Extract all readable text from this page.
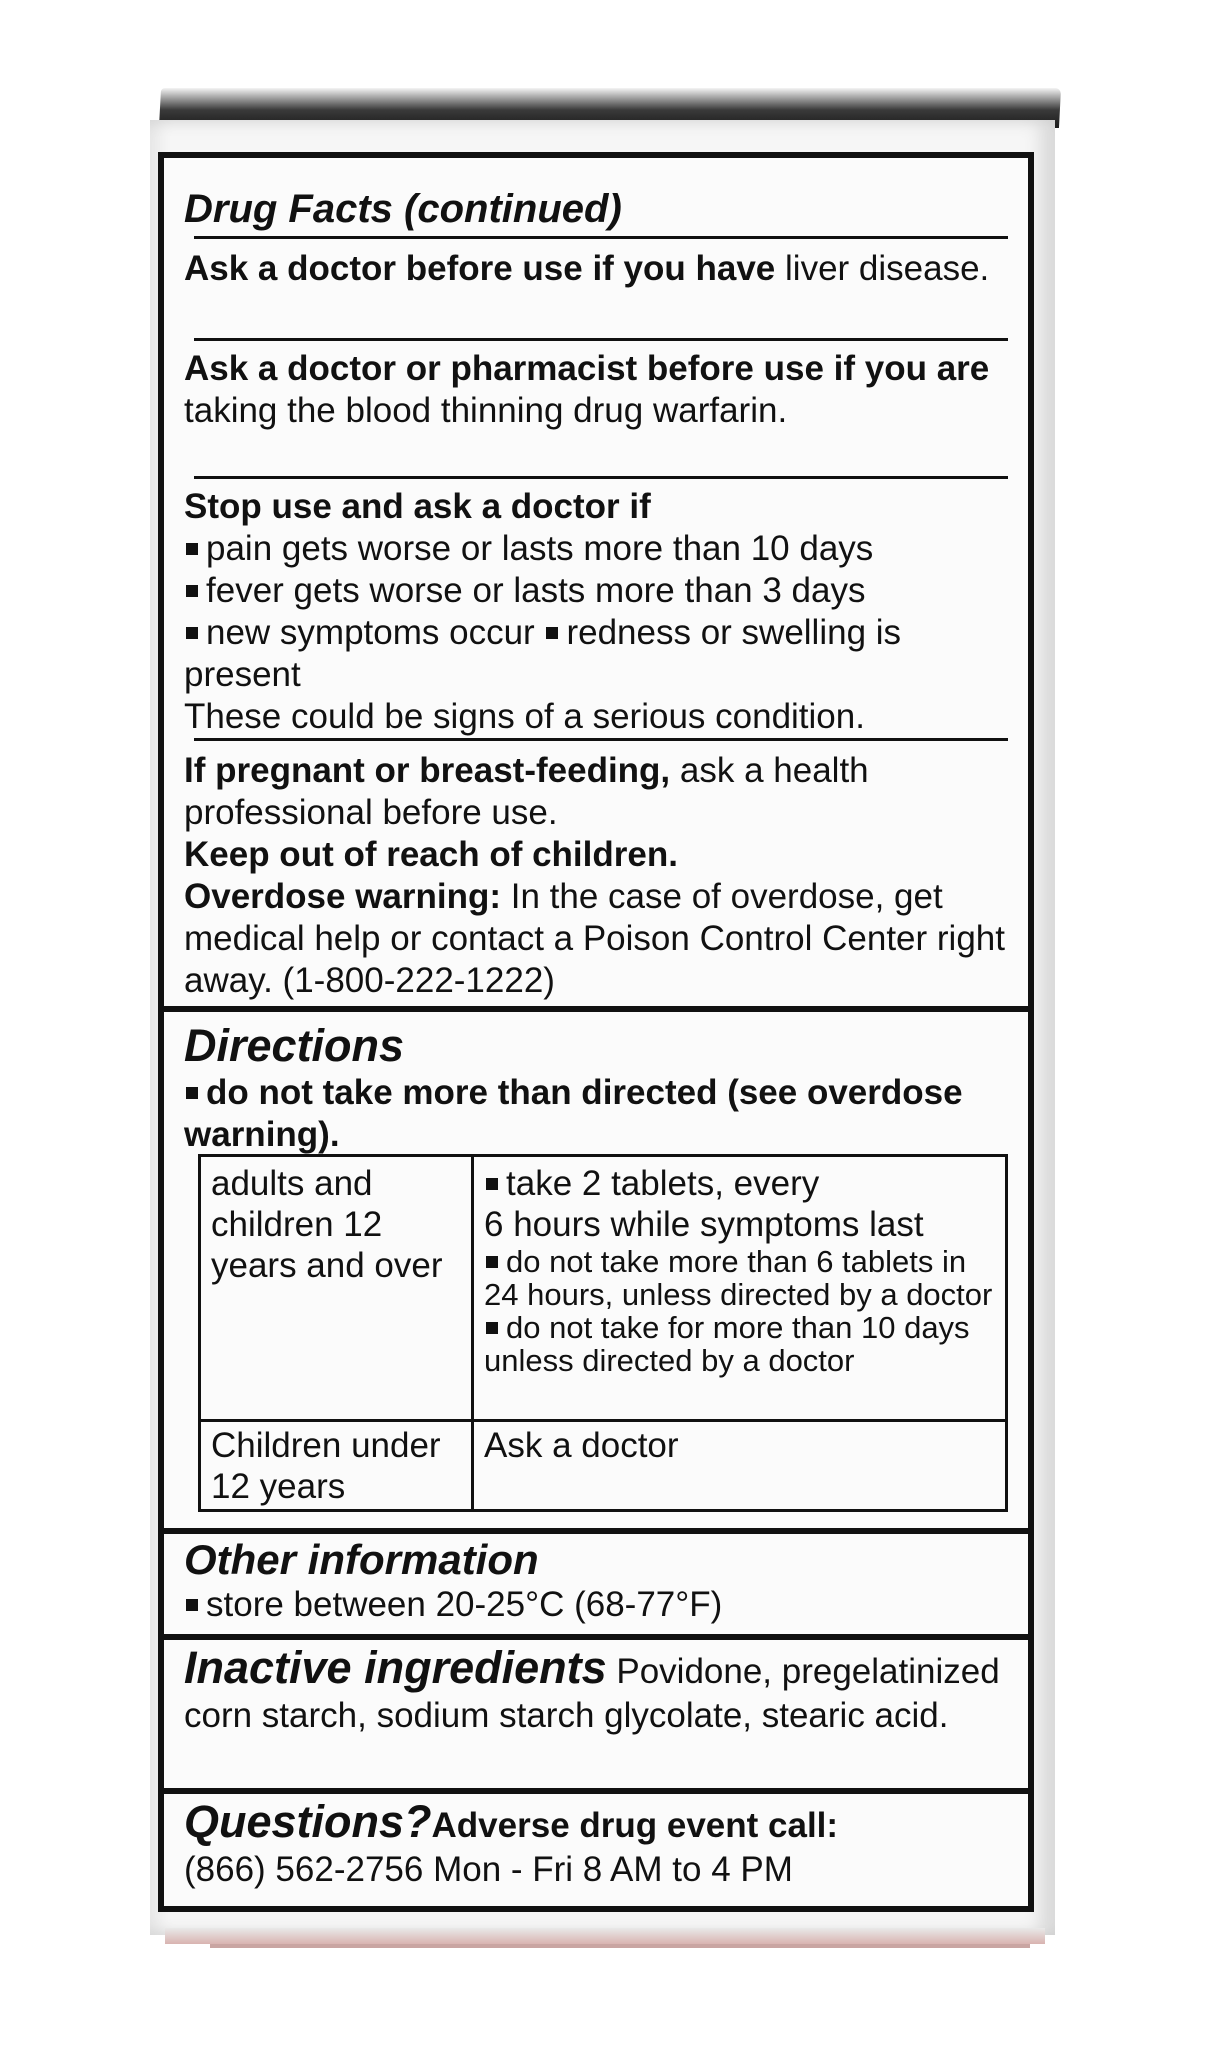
Drug Facts (continued)

Ask a doctor before use if you have liver disease.

Ask a doctor or pharmacist before use if you are taking the blood thinning drug warfarin.

Stop use and ask a doctor if

pain gets worse or lasts more than 10 days

fever gets worse or lasts more than 3 days

new symptoms occur redness or swelling is present

These could be signs of a serious condition.

If pregnant or breast-feeding, ask a health professional before use.

Keep out of reach of children.

Overdose warning: In the case of overdose, get medical help or contact a Poison Control Center right away. (1-800-222-1222)

Directions

do not take more than directed (see overdose warning).

adults and children 12 years and over
take 2 tablets, every
6 hours while symptoms last
do not take more than 6 tablets in 24 hours, unless directed by a doctor
do not take for more than 10 days unless directed by a doctor
Children under 12 years
Ask a doctor

Other information

store between 20-25°C (68-77°F)

Inactive ingredients Povidone, pregelatinized corn starch, sodium starch glycolate, stearic acid.

Questions?Adverse drug event call:

(866) 562-2756 Mon - Fri 8 AM to 4 PM
